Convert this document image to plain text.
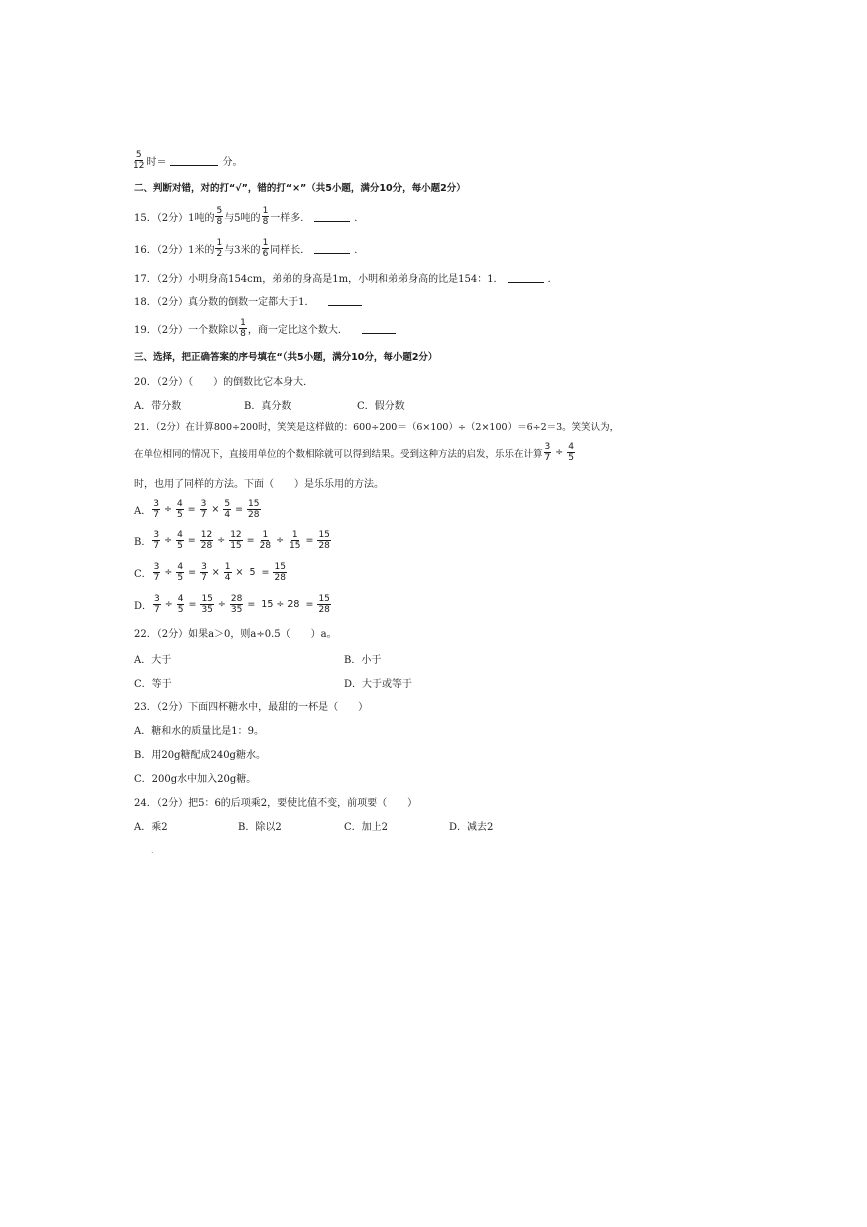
$\frac{5}{12}$ 时＝	分。
二、判断对错，对的打“√”，错的打“×”（共5小题，满分10分，每小题2分）
15．（2分）1吨的 $\frac{5}{8}$ 与5吨的 $\frac{1}{8}$ 一样多．	．
16．（2分）1米的 $\frac{1}{2}$ 与3米的 $\frac{1}{6}$ 同样长．	．
17．（2分）小明身高154cm，弟弟的身高是1m，小明和弟弟身高的比是154：1．	．
18．（2分）真分数的倒数一定都大于1．
19．（2分）一个数除以 $\frac{1}{8}$ ，商一定比这个数大．
三、选择，把正确答案的序号填在“（共5小题，满分10分，每小题2分）
20．（2分）（　　）的倒数比它本身大．
A．带分数	B．真分数	C．假分数
21．（2分）在计算800÷200时，笑笑是这样做的：600÷200＝（6×100）÷（2×100）＝6÷2＝3。笑笑认为，
在单位相同的情况下，直接用单位的个数相除就可以得到结果。受到这种方法的启发，乐乐在计算 $\frac{3}{7} \div \frac{4}{5}$
时，也用了同样的方法。下面（　　）是乐乐用的方法。
A． $\frac{3}{7} \div \frac{4}{5} = \frac{3}{7} \times \frac{5}{4} = \frac{15}{28}$
B． $\frac{3}{7} \div \frac{4}{5} = \frac{12}{28} \div \frac{12}{15} = \frac{1}{28} \div \frac{1}{15} = \frac{15}{28}$
C． $\frac{3}{7} \div \frac{4}{5} = \frac{3}{7} \times \frac{1}{4} \times 5 = \frac{15}{28}$
D． $\frac{3}{7} \div \frac{4}{5} = \frac{15}{35} \div \frac{28}{35} = 15 \div 28 = \frac{15}{28}$
22．（2分）如果a＞0，则a÷0.5（　　）a。
A．大于	B．小于
C．等于	D．大于或等于
23．（2分）下面四杯糖水中，最甜的一杯是（　　）
A．糖和水的质量比是1：9。
B．用20g糖配成240g糖水。
C．200g水中加入20g糖。
24．（2分）把5：6的后项乘2，要使比值不变，前项要（　　）
A．乘2	B．除以2	C．加上2	D．减去2
.
